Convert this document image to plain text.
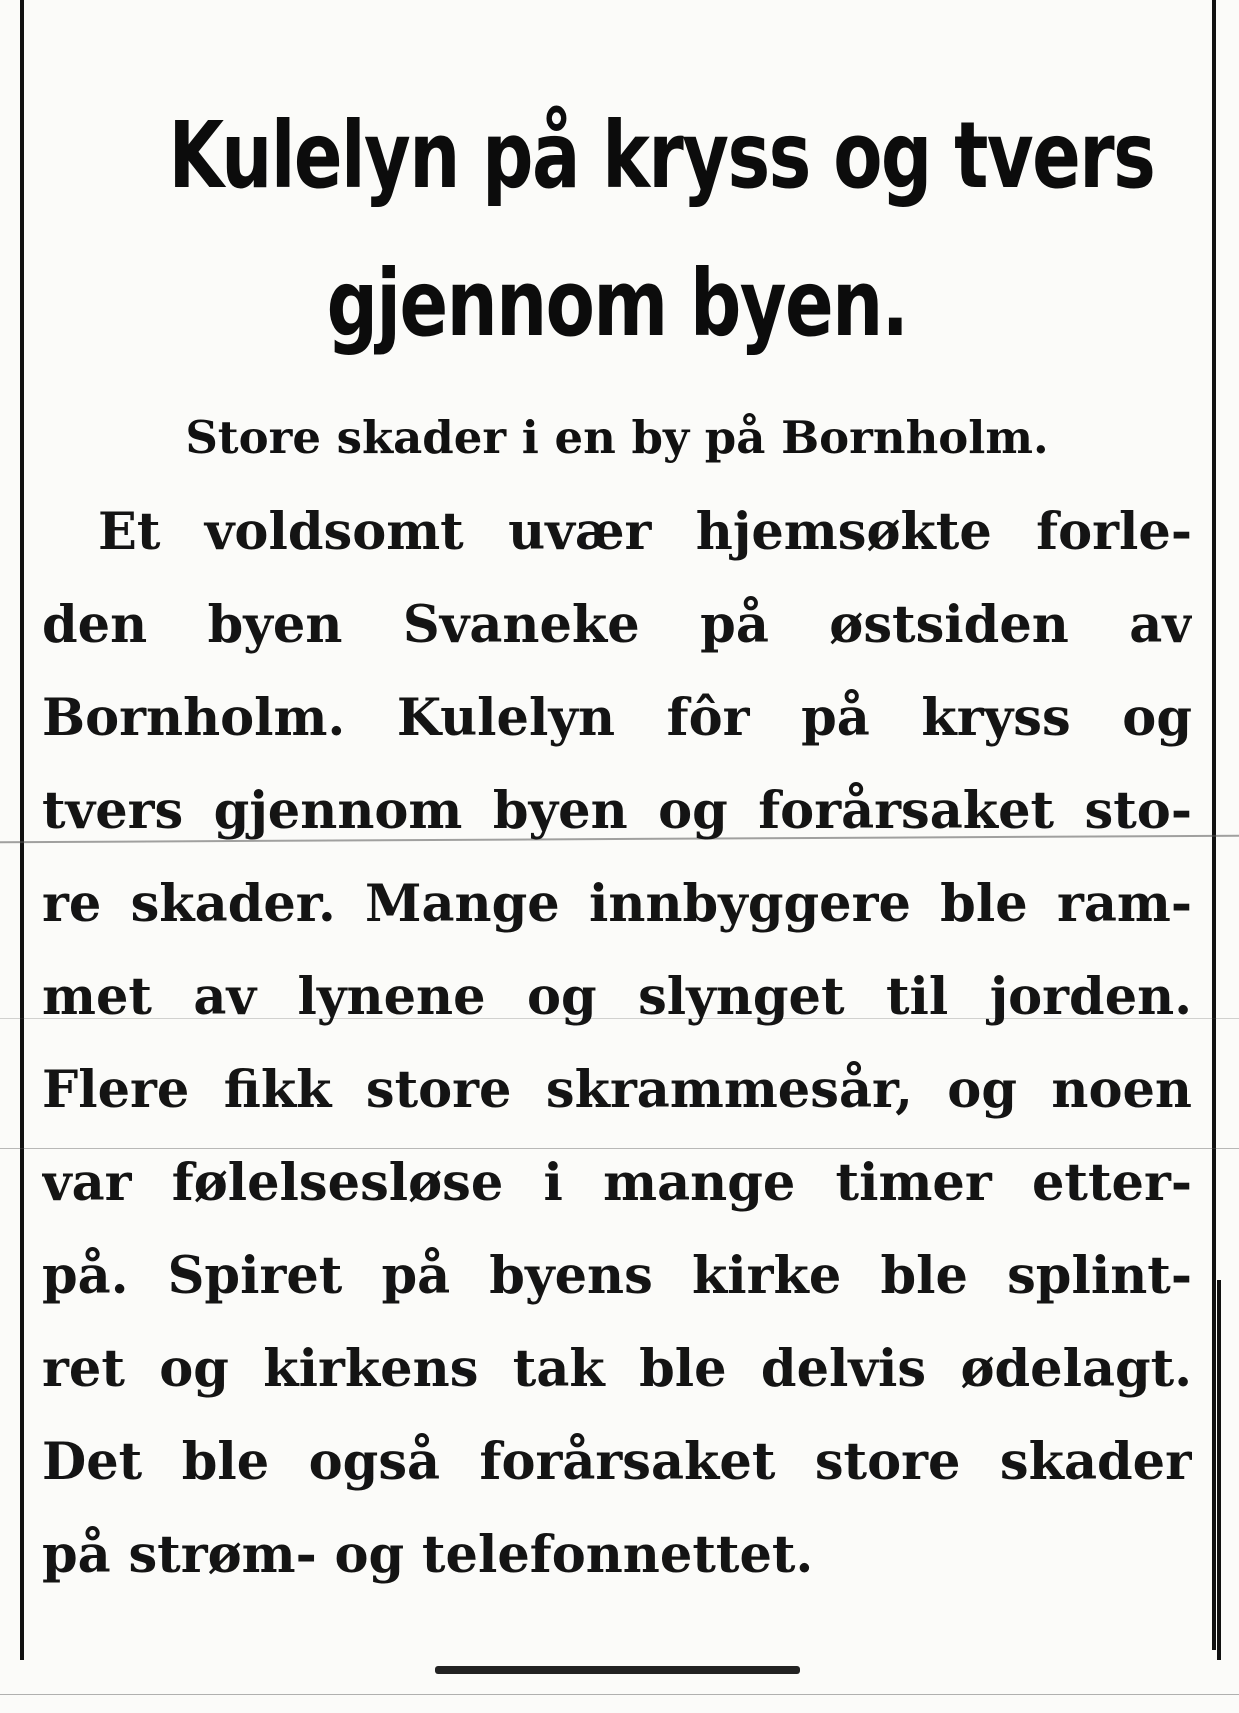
Kulelyn på kryss og tvers
gjennom byen.
Store skader i en by på Bornholm.
Et voldsomt uvær hjemsøkte forle-
den byen Svaneke på østsiden av
Bornholm. Kulelyn fôr på kryss og
tvers gjennom byen og forårsaket sto-
re skader. Mange innbyggere ble ram-
met av lynene og slynget til jorden.
Flere fikk store skrammesår, og noen
var følelsesløse i mange timer etter-
på. Spiret på byens kirke ble splint-
ret og kirkens tak ble delvis ødelagt.
Det ble også forårsaket store skader
på strøm- og telefonnettet.
